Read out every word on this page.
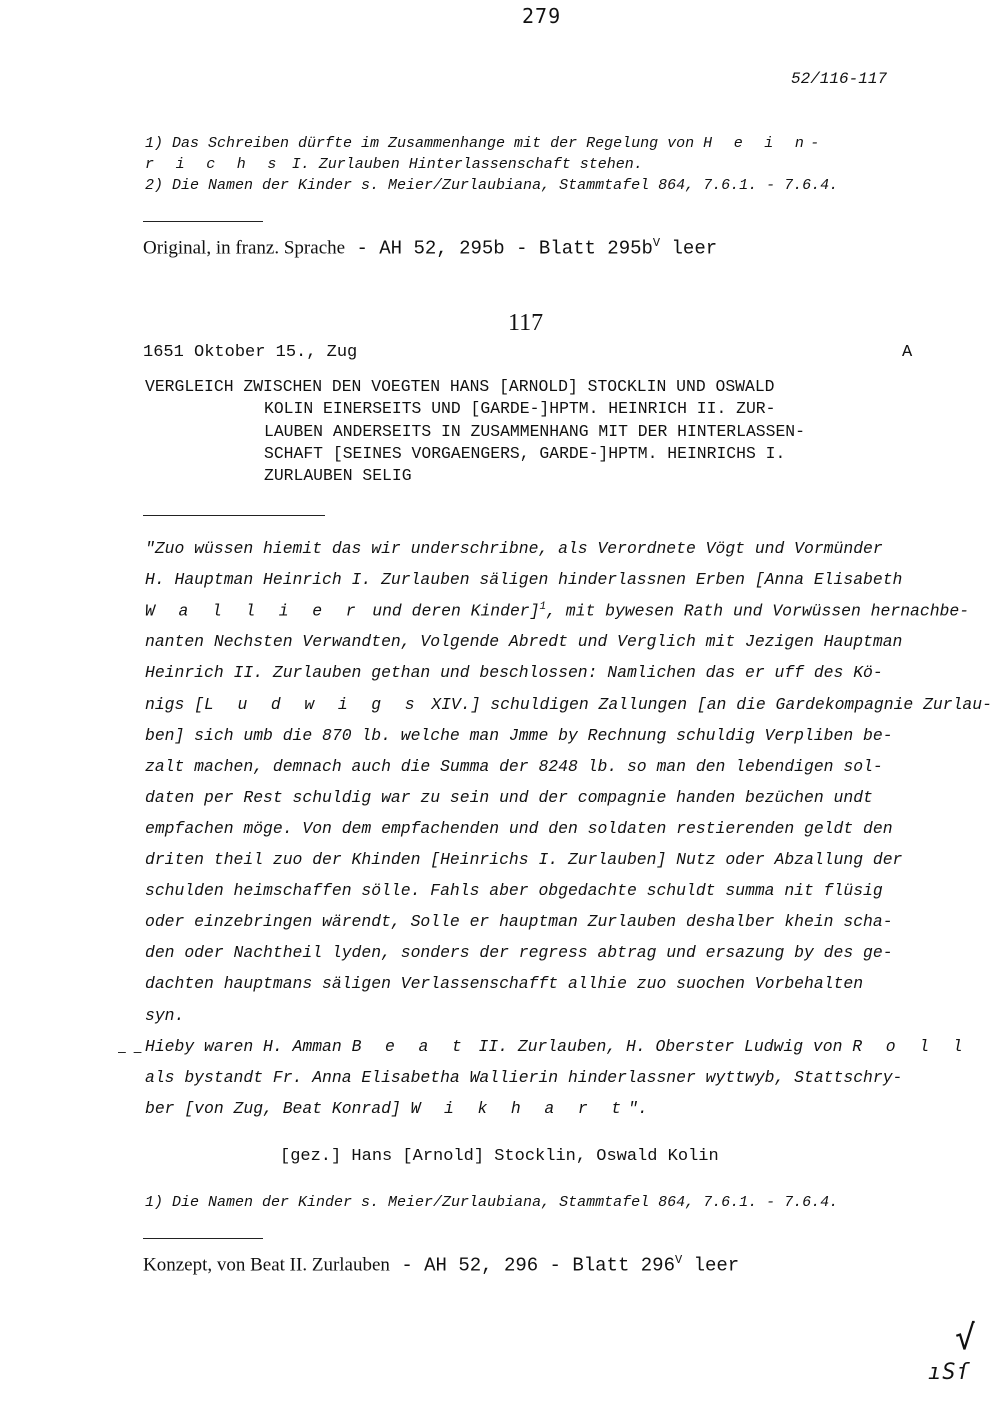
279
52/116-117
1) Das Schreiben dürfte im Zusammenhange mit der Regelung von H e i n-
r i c h s I. Zurlauben Hinterlassenschaft stehen.
2) Die Namen der Kinder s. Meier/Zurlaubiana, Stammtafel 864, 7.6.1. - 7.6.4.
Original, in franz. Sprache - AH 52, 295b - Blatt $295b^V$ leer
117
1651 Oktober 15., Zug	A
VERGLEICH ZWISCHEN DEN VOEGTEN HANS [ARNOLD] STOCKLIN UND OSWALD
KOLIN EINERSEITS UND [GARDE-]HPTM. HEINRICH II. ZUR-
LAUBEN ANDERSEITS IN ZUSAMMENHANG MIT DER HINTERLASSEN-
SCHAFT [SEINES VORGAENGERS, GARDE-]HPTM. HEINRICHS I.
ZURLAUBEN SELIG
"Zuo wüssen hiemit das wir underschribne, als Verordnete Vögt und Vormünder
H. Hauptman Heinrich I. Zurlauben säligen hinderlassnen Erben [Anna Elisabeth
W a l l i e r und deren Kinder]$^1$, mit bywesen Rath und Vorwüssen hernachbe-
nanten Nechsten Verwandten, Volgende Abredt und Verglich mit Jezigen Hauptman
Heinrich II. Zurlauben gethan und beschlossen: Namlichen das er uff des Kö-
nigs [L u d w i g s XIV.] schuldigen Zallungen [an die Gardekompagnie Zurlau-
ben] sich umb die 870 lb. welche man Jmme by Rechnung schuldig Verpliben be-
zalt machen, demnach auch die Summa der 8248 lb. so man den lebendigen sol-
daten per Rest schuldig war zu sein und der compagnie handen bezüchen undt
empfachen möge. Von dem empfachenden und den soldaten restierenden geldt den
driten theil zuo der Khinden [Heinrichs I. Zurlauben] Nutz oder Abzallung der
schulden heimschaffen sölle. Fahls aber obgedachte schuldt summa nit flüsig
oder einzebringen wärendt, Solle er hauptman Zurlauben deshalber khein scha-
den oder Nachtheil lyden, sonders der regress abtrag und ersazung by des ge-
dachten hauptmans säligen Verlassenschafft allhie zuo suochen Vorbehalten
syn.
Hieby waren H. Amman B e a t II. Zurlauben, H. Oberster Ludwig von R o l l
als bystandt Fr. Anna Elisabetha Wallierin hinderlassner wyttwyb, Stattschry-
ber [von Zug, Beat Konrad] W i k h a r t".
– –
[gez.] Hans [Arnold] Stocklin, Oswald Kolin
1) Die Namen der Kinder s. Meier/Zurlaubiana, Stammtafel 864, 7.6.1. - 7.6.4.
Konzept, von Beat II. Zurlauben - AH 52, 296 - Blatt $296^V$ leer
√
ıSſ
